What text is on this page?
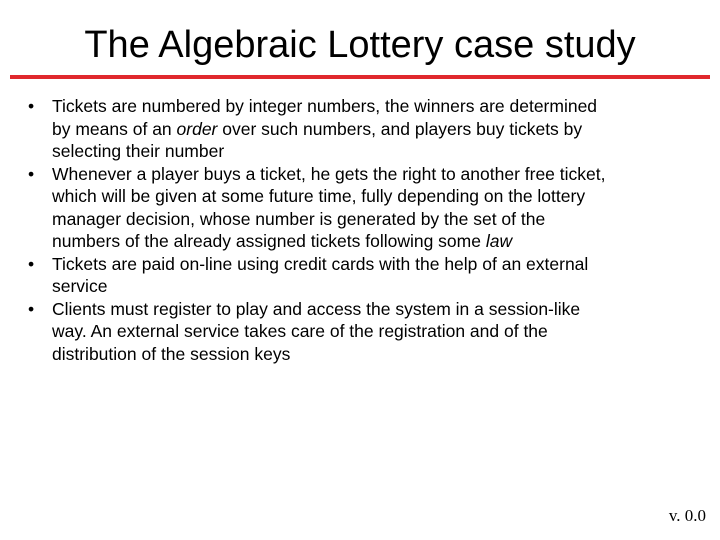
The Algebraic Lottery case study
•	Tickets are numbered by integer numbers, the winners are determined
by means of an order over such numbers, and players buy tickets by
selecting their number
•	Whenever a player buys a ticket, he gets the right to another free ticket,
which will be given at some future time, fully depending on the lottery
manager decision, whose number is generated by the set of the
numbers of the already assigned tickets following some law
•	Tickets are paid on-line using credit cards with the help of an external
service
•	Clients must register to play and access the system in a session-like
way. An external service takes care of the registration and of the
distribution of the session keys
v. 0.0
